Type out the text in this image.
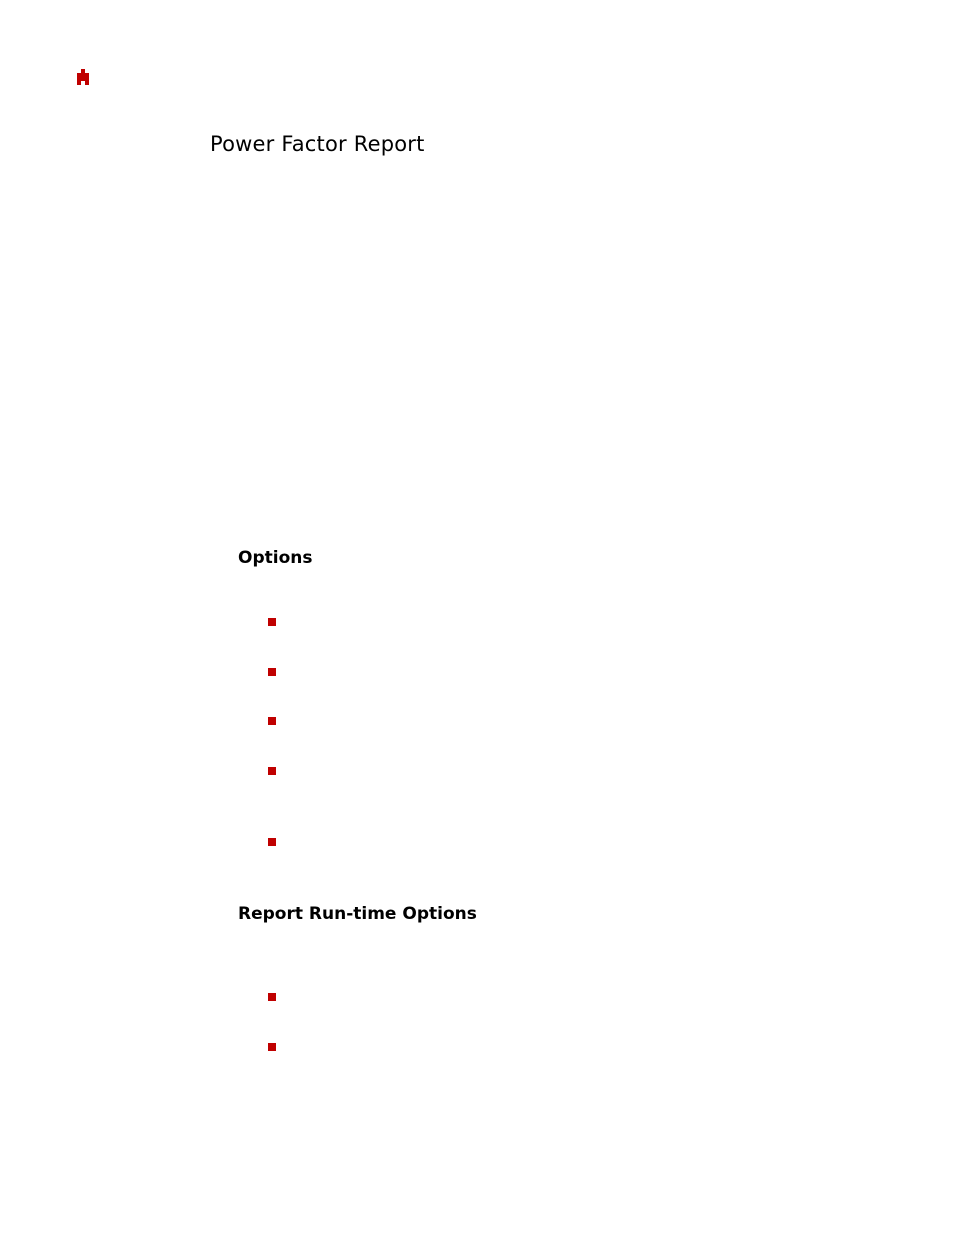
Power Factor Report
Options
Report Run-time Options
